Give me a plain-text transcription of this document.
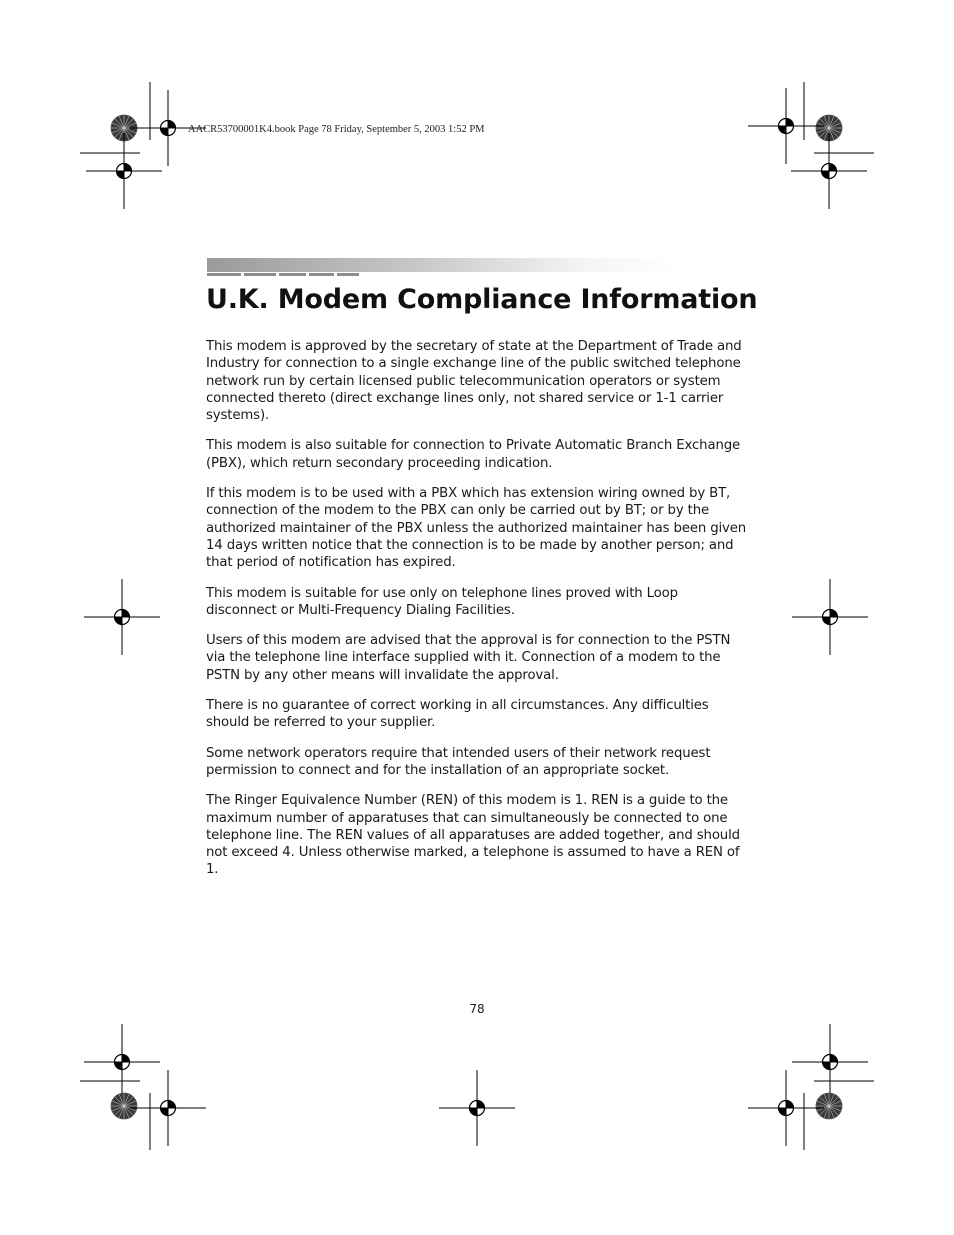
AACR53700001K4.book Page 78 Friday, September 5, 2003 1:52 PM
U.K. Modem Compliance Information

This modem is approved by the secretary of state at the Department of Trade and Industry for connection to a single exchange line of the public switched telephone network run by certain licensed public telecommunication operators or system connected thereto (direct exchange lines only, not shared service or 1-1 carrier systems).

This modem is also suitable for connection to Private Automatic Branch Exchange (PBX), which return secondary proceeding indication.

If this modem is to be used with a PBX which has extension wiring owned by BT, connection of the modem to the PBX can only be carried out by BT; or by the authorized maintainer of the PBX unless the authorized maintainer has been given 14 days written notice that the connection is to be made by another person; and that period of notification has expired.

This modem is suitable for use only on telephone lines proved with Loop disconnect or Multi-Frequency Dialing Facilities.

Users of this modem are advised that the approval is for connection to the PSTN via the telephone line interface supplied with it. Connection of a modem to the PSTN by any other means will invalidate the approval.

There is no guarantee of correct working in all circumstances. Any difficulties should be referred to your supplier.

Some network operators require that intended users of their network request permission to connect and for the installation of an appropriate socket.

The Ringer Equivalence Number (REN) of this modem is 1. REN is a guide to the maximum number of apparatuses that can simultaneously be connected to one telephone line. The REN values of all apparatuses are added together, and should not exceed 4. Unless otherwise marked, a telephone is assumed to have a REN of 1.

78
